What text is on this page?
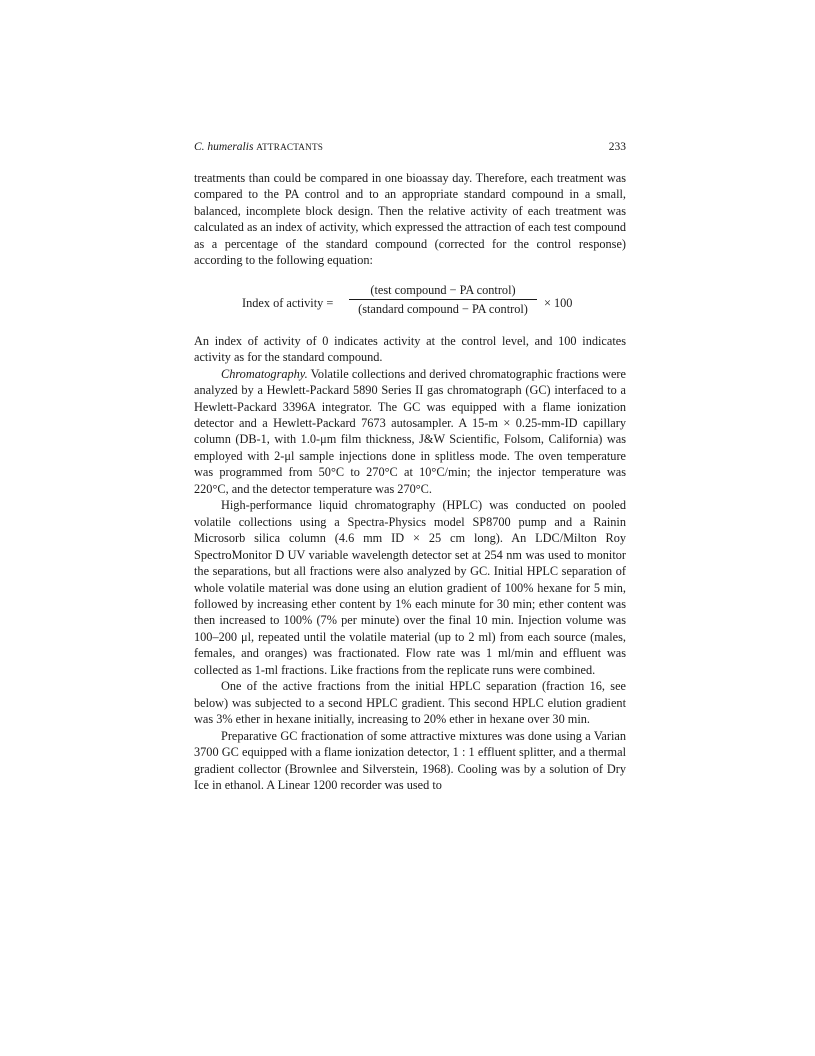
C. humeralis ATTRACTANTS	233

treatments than could be compared in one bioassay day. Therefore, each treatment was compared to the PA control and to an appropriate standard compound in a small, balanced, incomplete block design. Then the relative activity of each treatment was calculated as an index of activity, which expressed the attraction of each test compound as a percentage of the standard compound (corrected for the control response) according to the following equation:

Index of activity =
(test compound − PA control)
(standard compound − PA control)	× 100

An index of activity of 0 indicates activity at the control level, and 100 indicates activity as for the standard compound.

Chromatography. Volatile collections and derived chromatographic fractions were analyzed by a Hewlett-Packard 5890 Series II gas chromatograph (GC) interfaced to a Hewlett-Packard 3396A integrator. The GC was equipped with a flame ionization detector and a Hewlett-Packard 7673 autosampler. A 15-m × 0.25-mm-ID capillary column (DB-1, with 1.0-μm film thickness, J&W Scientific, Folsom, California) was employed with 2-μl sample injections done in splitless mode. The oven temperature was programmed from 50°C to 270°C at 10°C/min; the injector temperature was 220°C, and the detector temperature was 270°C.

High-performance liquid chromatography (HPLC) was conducted on pooled volatile collections using a Spectra-Physics model SP8700 pump and a Rainin Microsorb silica column (4.6 mm ID × 25 cm long). An LDC/Milton Roy SpectroMonitor D UV variable wavelength detector set at 254 nm was used to monitor the separations, but all fractions were also analyzed by GC. Initial HPLC separation of whole volatile material was done using an elution gradient of 100% hexane for 5 min, followed by increasing ether content by 1% each minute for 30 min; ether content was then increased to 100% (7% per minute) over the final 10 min. Injection volume was 100–200 μl, repeated until the volatile material (up to 2 ml) from each source (males, females, and oranges) was fractionated. Flow rate was 1 ml/min and effluent was collected as 1-ml fractions. Like fractions from the replicate runs were combined.

One of the active fractions from the initial HPLC separation (fraction 16, see below) was subjected to a second HPLC gradient. This second HPLC elution gradient was 3% ether in hexane initially, increasing to 20% ether in hexane over 30 min.

Preparative GC fractionation of some attractive mixtures was done using a Varian 3700 GC equipped with a flame ionization detector, 1 : 1 effluent splitter, and a thermal gradient collector (Brownlee and Silverstein, 1968). Cooling was by a solution of Dry Ice in ethanol. A Linear 1200 recorder was used to
